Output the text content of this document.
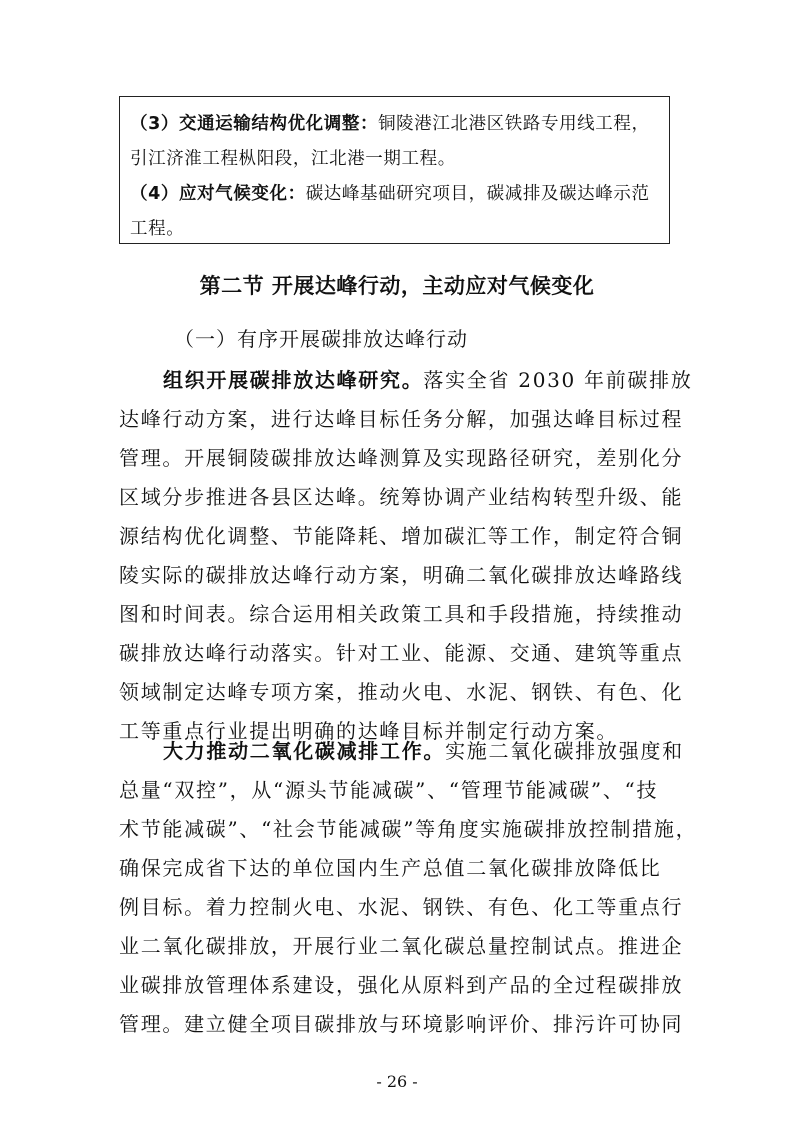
（3）交通运输结构优化调整：铜陵港江北港区铁路专用线工程，
引江济淮工程枞阳段，江北港一期工程。
（4）应对气候变化：碳达峰基础研究项目，碳减排及碳达峰示范
工程。
第二节 开展达峰行动，主动应对气候变化
（一）有序开展碳排放达峰行动
组织开展碳排放达峰研究。落实全省 2030 年前碳排放
达峰行动方案，进行达峰目标任务分解，加强达峰目标过程
管理。开展铜陵碳排放达峰测算及实现路径研究，差别化分
区域分步推进各县区达峰。统筹协调产业结构转型升级、能
源结构优化调整、节能降耗、增加碳汇等工作，制定符合铜
陵实际的碳排放达峰行动方案，明确二氧化碳排放达峰路线
图和时间表。综合运用相关政策工具和手段措施，持续推动
碳排放达峰行动落实。针对工业、能源、交通、建筑等重点
领域制定达峰专项方案，推动火电、水泥、钢铁、有色、化
工等重点行业提出明确的达峰目标并制定行动方案。
大力推动二氧化碳减排工作。实施二氧化碳排放强度和
总量“双控”，从“源头节能减碳”、“管理节能减碳”、“技
术节能减碳”、“社会节能减碳”等角度实施碳排放控制措施，
确保完成省下达的单位国内生产总值二氧化碳排放降低比
例目标。着力控制火电、水泥、钢铁、有色、化工等重点行
业二氧化碳排放，开展行业二氧化碳总量控制试点。推进企
业碳排放管理体系建设，强化从原料到产品的全过程碳排放
管理。建立健全项目碳排放与环境影响评价、排污许可协同
- 26 -
